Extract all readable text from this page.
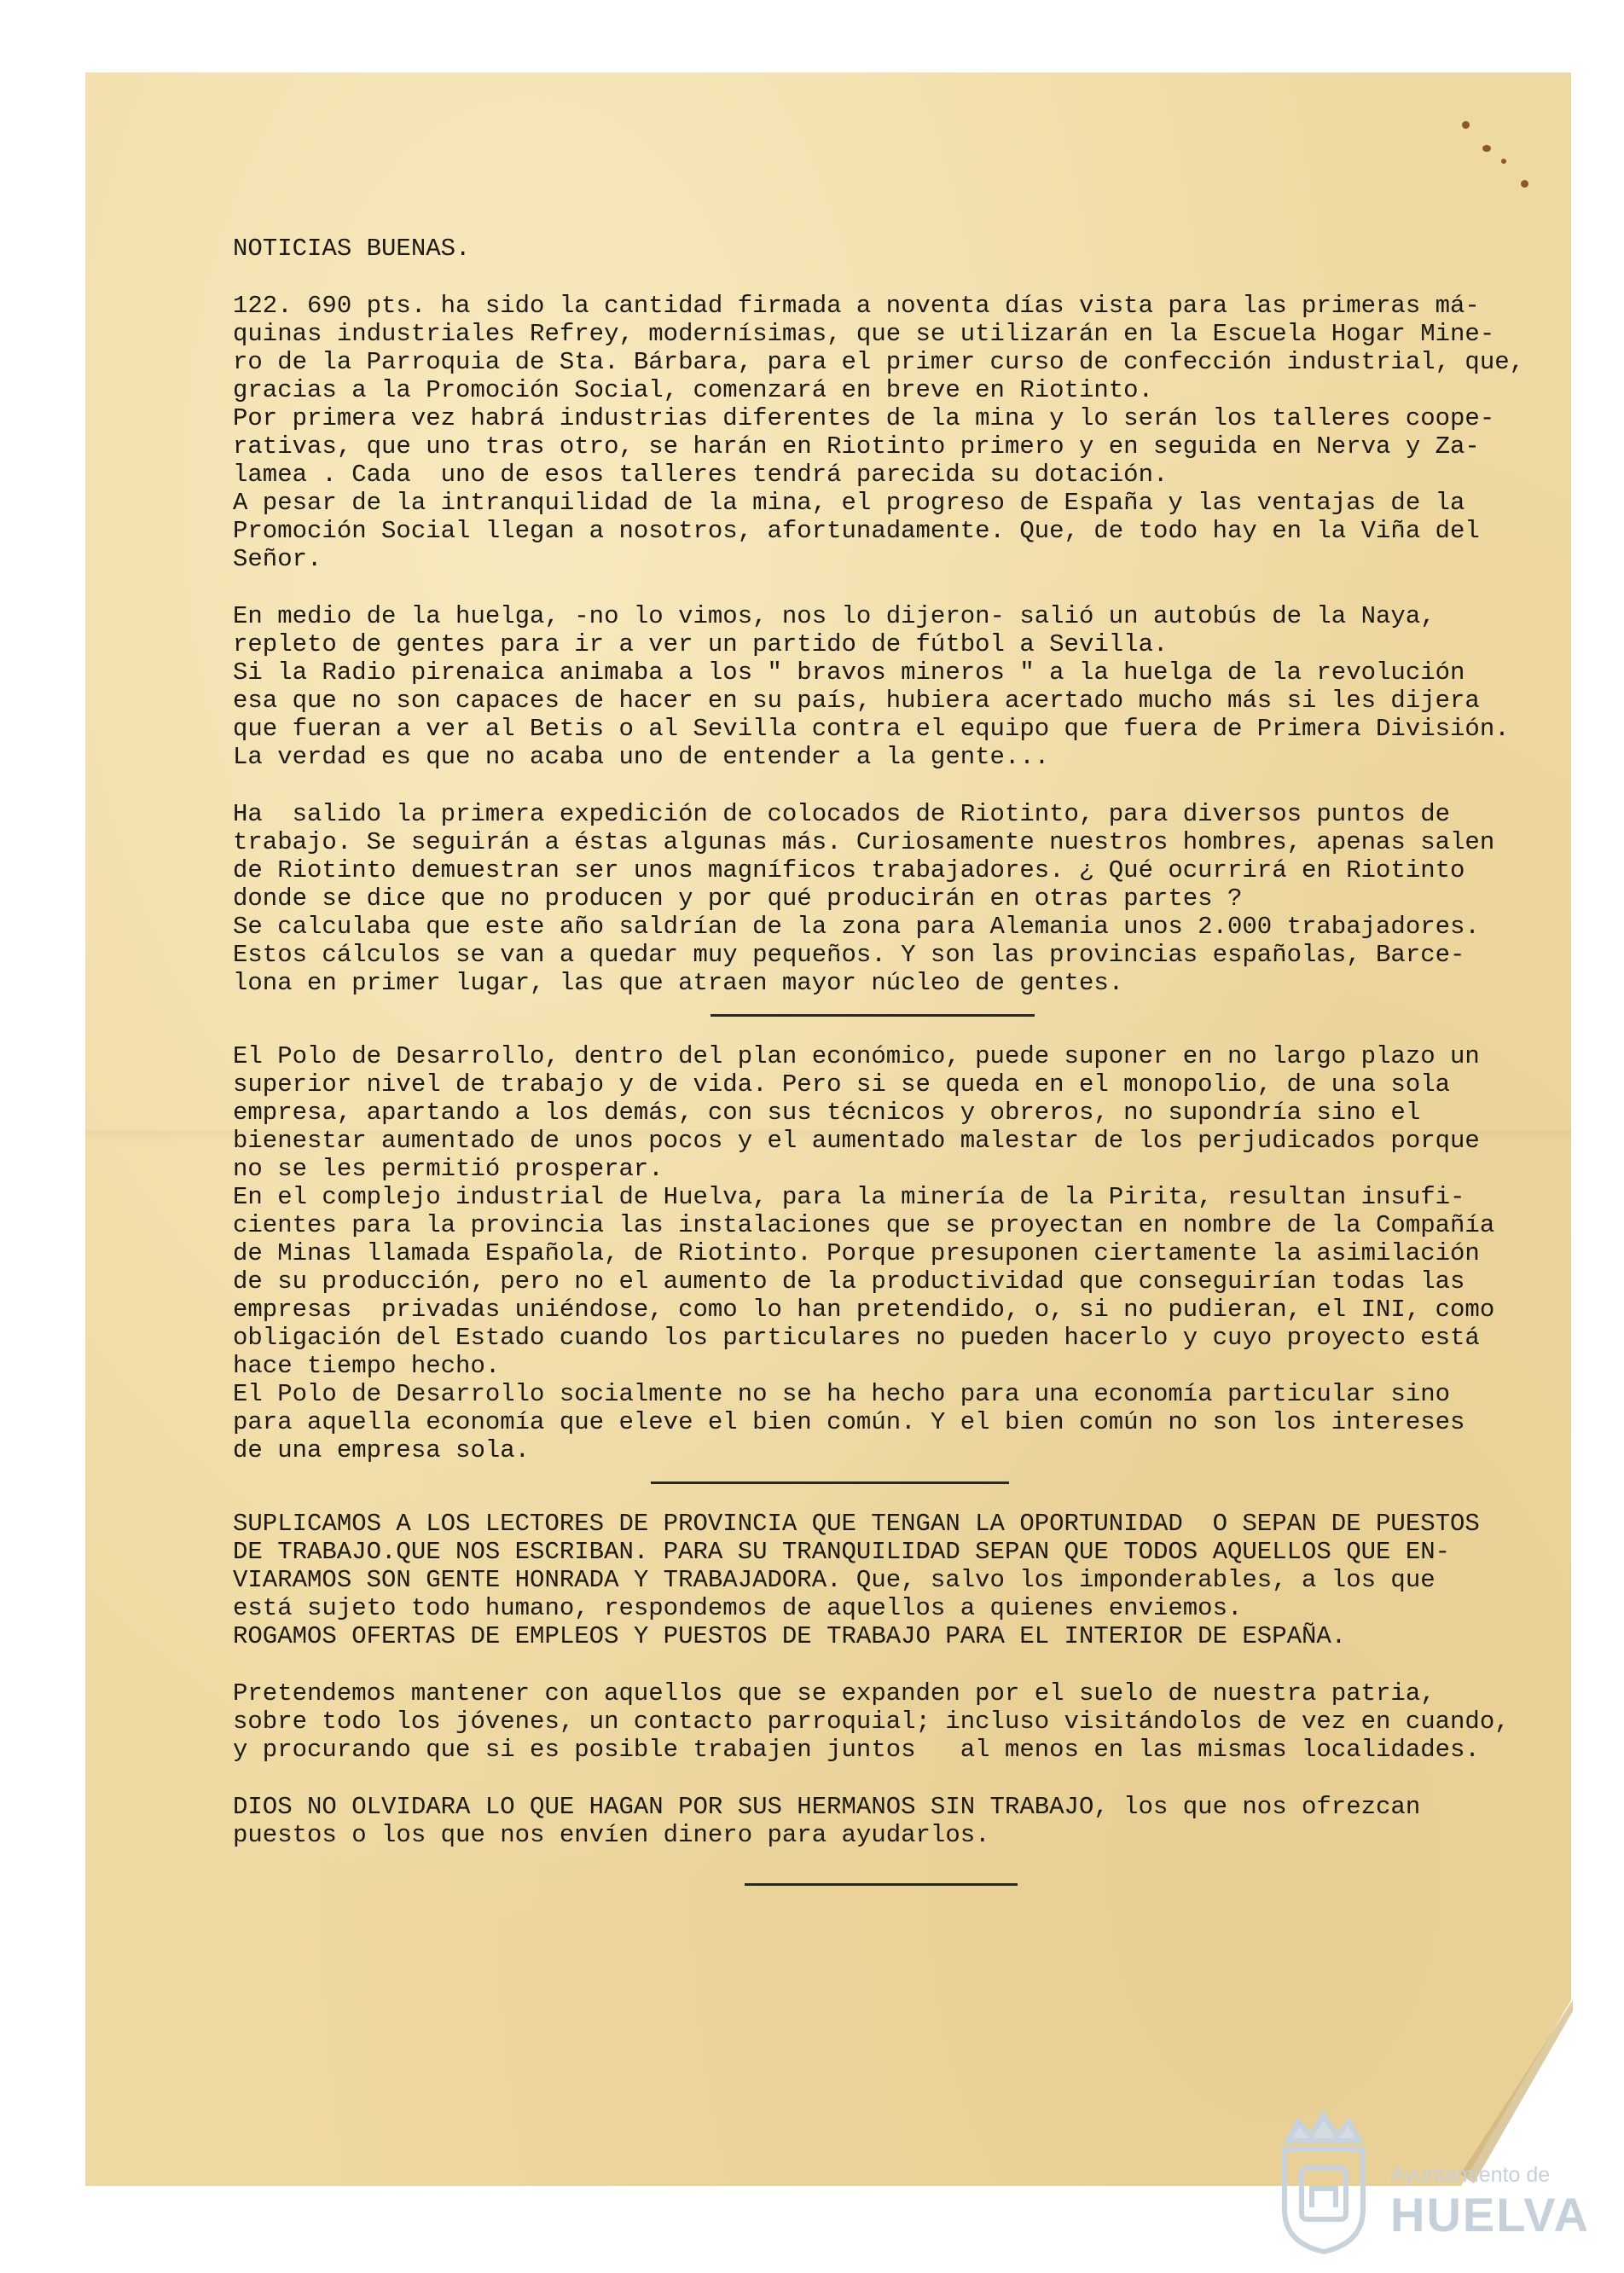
NOTICIAS BUENAS.
122. 690 pts. ha sido la cantidad firmada a noventa días vista para las primeras má-
quinas industriales Refrey, modernísimas, que se utilizarán en la Escuela Hogar Mine-
ro de la Parroquia de Sta. Bárbara, para el primer curso de confección industrial, que,
gracias a la Promoción Social, comenzará en breve en Riotinto.
Por primera vez habrá industrias diferentes de la mina y lo serán los talleres coope-
rativas, que uno tras otro, se harán en Riotinto primero y en seguida en Nerva y Za-
lamea . Cada  uno de esos talleres tendrá parecida su dotación.
A pesar de la intranquilidad de la mina, el progreso de España y las ventajas de la
Promoción Social llegan a nosotros, afortunadamente. Que, de todo hay en la Viña del
Señor.
En medio de la huelga, -no lo vimos, nos lo dijeron- salió un autobús de la Naya,
repleto de gentes para ir a ver un partido de fútbol a Sevilla.
Si la Radio pirenaica animaba a los " bravos mineros " a la huelga de la revolución
esa que no son capaces de hacer en su país, hubiera acertado mucho más si les dijera
que fueran a ver al Betis o al Sevilla contra el equipo que fuera de Primera División.
La verdad es que no acaba uno de entender a la gente...
Ha  salido la primera expedición de colocados de Riotinto, para diversos puntos de
trabajo. Se seguirán a éstas algunas más. Curiosamente nuestros hombres, apenas salen
de Riotinto demuestran ser unos magníficos trabajadores. ¿ Qué ocurrirá en Riotinto
donde se dice que no producen y por qué producirán en otras partes ?
Se calculaba que este año saldrían de la zona para Alemania unos 2.000 trabajadores.
Estos cálculos se van a quedar muy pequeños. Y son las provincias españolas, Barce-
lona en primer lugar, las que atraen mayor núcleo de gentes.
El Polo de Desarrollo, dentro del plan económico, puede suponer en no largo plazo un
superior nivel de trabajo y de vida. Pero si se queda en el monopolio, de una sola
empresa, apartando a los demás, con sus técnicos y obreros, no supondría sino el
bienestar aumentado de unos pocos y el aumentado malestar de los perjudicados porque
no se les permitió prosperar.
En el complejo industrial de Huelva, para la minería de la Pirita, resultan insufi-
cientes para la provincia las instalaciones que se proyectan en nombre de la Compañía
de Minas llamada Española, de Riotinto. Porque presuponen ciertamente la asimilación
de su producción, pero no el aumento de la productividad que conseguirían todas las
empresas  privadas uniéndose, como lo han pretendido, o, si no pudieran, el INI, como
obligación del Estado cuando los particulares no pueden hacerlo y cuyo proyecto está
hace tiempo hecho.
El Polo de Desarrollo socialmente no se ha hecho para una economía particular sino
para aquella economía que eleve el bien común. Y el bien común no son los intereses
de una empresa sola.
SUPLICAMOS A LOS LECTORES DE PROVINCIA QUE TENGAN LA OPORTUNIDAD  O SEPAN DE PUESTOS
DE TRABAJO.QUE NOS ESCRIBAN. PARA SU TRANQUILIDAD SEPAN QUE TODOS AQUELLOS QUE EN-
VIARAMOS SON GENTE HONRADA Y TRABAJADORA. Que, salvo los imponderables, a los que
está sujeto todo humano, respondemos de aquellos a quienes enviemos.
ROGAMOS OFERTAS DE EMPLEOS Y PUESTOS DE TRABAJO PARA EL INTERIOR DE ESPAÑA.
Pretendemos mantener con aquellos que se expanden por el suelo de nuestra patria,
sobre todo los jóvenes, un contacto parroquial; incluso visitándolos de vez en cuando,
y procurando que si es posible trabajen juntos   al menos en las mismas localidades.
DIOS NO OLVIDARA LO QUE HAGAN POR SUS HERMANOS SIN TRABAJO, los que nos ofrezcan
puestos o los que nos envíen dinero para ayudarlos.
Ayuntamiento de
HUELVA
